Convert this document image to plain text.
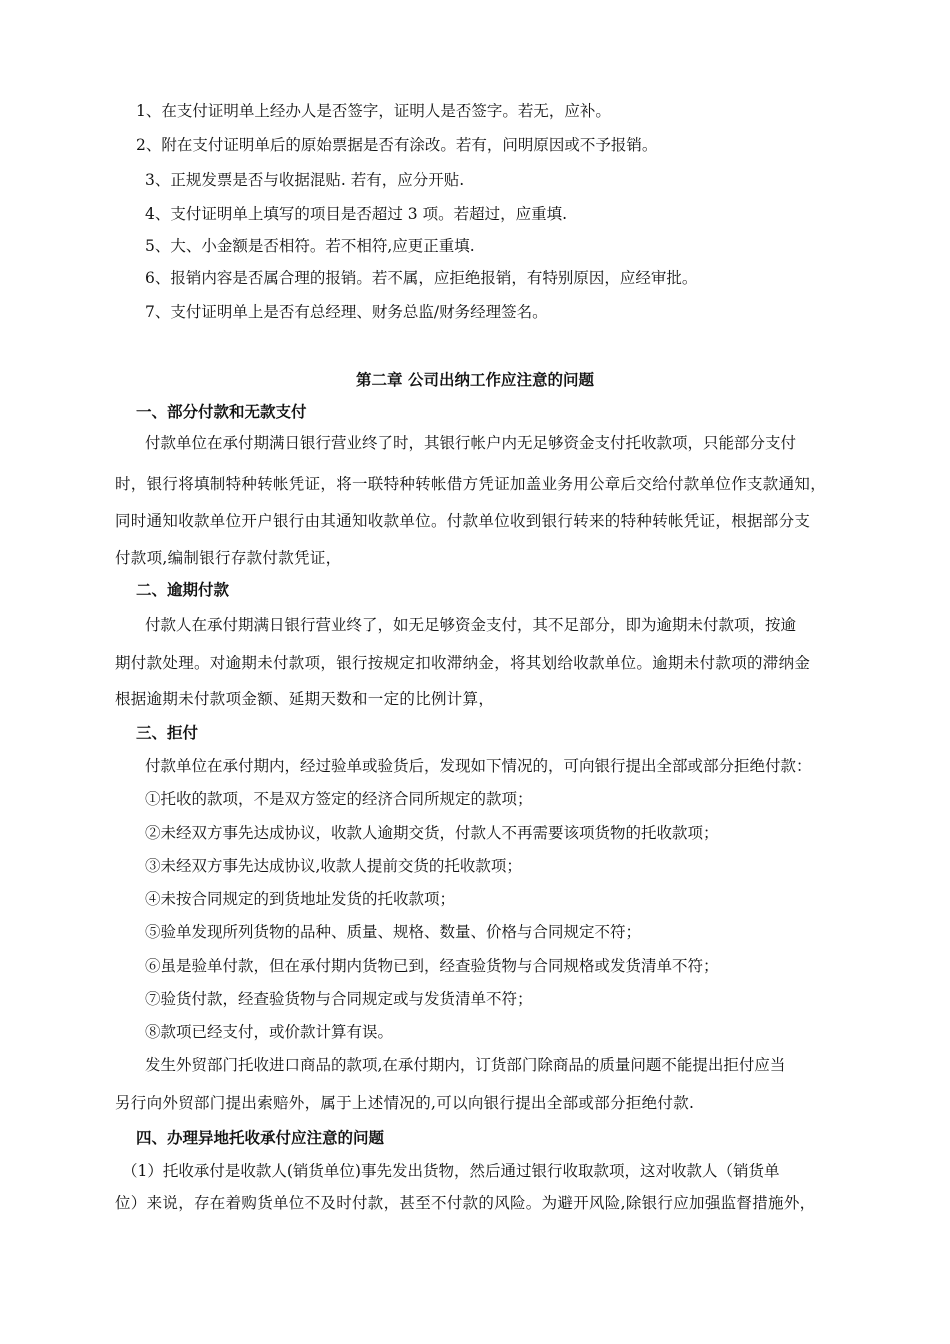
1、在支付证明单上经办人是否签字，证明人是否签字。若无，应补。
2、附在支付证明单后的原始票据是否有涂改。若有，问明原因或不予报销。
3、正规发票是否与收据混贴. 若有，应分开贴.
4、支付证明单上填写的项目是否超过 3 项。若超过，应重填.
5、大、小金额是否相符。若不相符,应更正重填.
6、报销内容是否属合理的报销。若不属，应拒绝报销，有特别原因，应经审批。
7、支付证明单上是否有总经理、财务总监/财务经理签名。
第二章 公司出纳工作应注意的问题
一、部分付款和无款支付
付款单位在承付期满日银行营业终了时，其银行帐户内无足够资金支付托收款项，只能部分支付
时，银行将填制特种转帐凭证，将一联特种转帐借方凭证加盖业务用公章后交给付款单位作支款通知，
同时通知收款单位开户银行由其通知收款单位。付款单位收到银行转来的特种转帐凭证，根据部分支
付款项,编制银行存款付款凭证，
二、逾期付款
付款人在承付期满日银行营业终了，如无足够资金支付，其不足部分，即为逾期未付款项，按逾
期付款处理。对逾期未付款项，银行按规定扣收滞纳金，将其划给收款单位。逾期未付款项的滞纳金
根据逾期未付款项金额、延期天数和一定的比例计算，
三、拒付
付款单位在承付期内，经过验单或验货后，发现如下情况的，可向银行提出全部或部分拒绝付款：
①托收的款项，不是双方签定的经济合同所规定的款项；
②未经双方事先达成协议，收款人逾期交货，付款人不再需要该项货物的托收款项；
③未经双方事先达成协议,收款人提前交货的托收款项；
④未按合同规定的到货地址发货的托收款项；
⑤验单发现所列货物的品种、质量、规格、数量、价格与合同规定不符；
⑥虽是验单付款，但在承付期内货物已到，经查验货物与合同规格或发货清单不符；
⑦验货付款，经查验货物与合同规定或与发货清单不符；
⑧款项已经支付，或价款计算有误。
发生外贸部门托收进口商品的款项,在承付期内，订货部门除商品的质量问题不能提出拒付应当
另行向外贸部门提出索赔外，属于上述情况的,可以向银行提出全部或部分拒绝付款.
四、办理异地托收承付应注意的问题
（1）托收承付是收款人(销货单位)事先发出货物，然后通过银行收取款项，这对收款人（销货单
位）来说，存在着购货单位不及时付款，甚至不付款的风险。为避开风险,除银行应加强监督措施外，
